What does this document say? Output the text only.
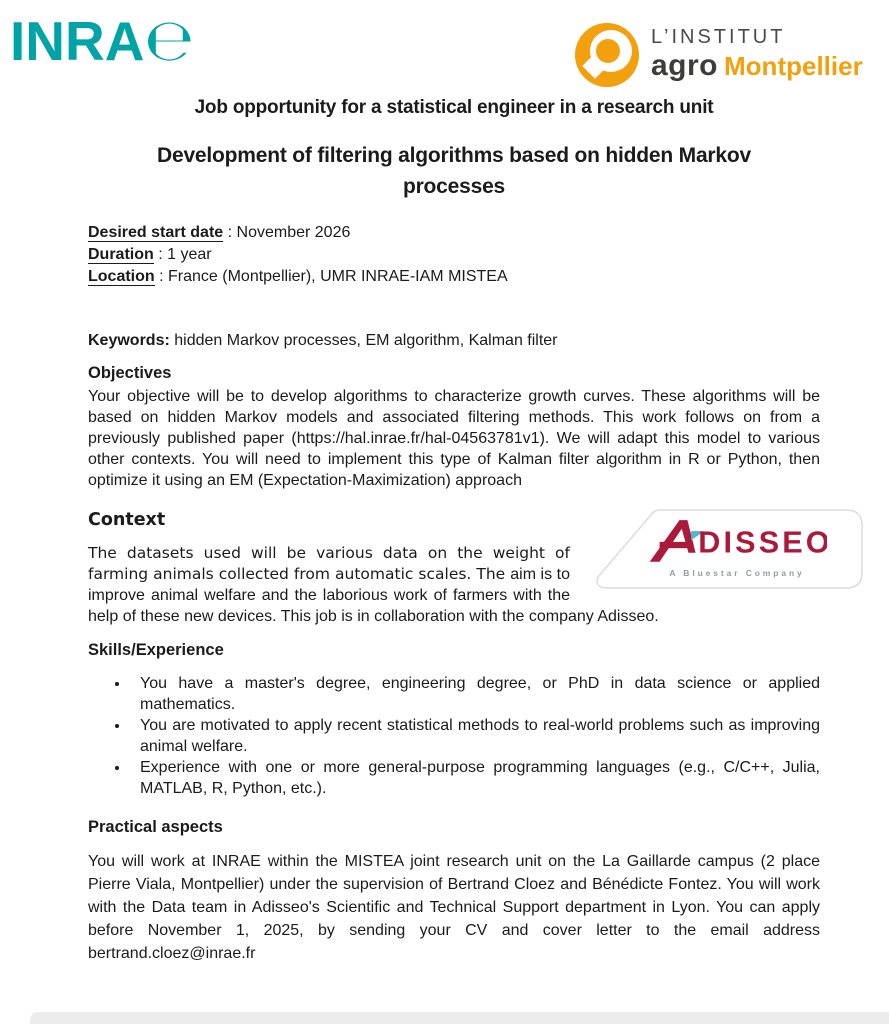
INRA℮	L’INSTITUT
agro Montpellier
Job opportunity for a statistical engineer in a research unit
Development of filtering algorithms based on hidden Markov processes
Desired start date : November 2026
Duration : 1 year
Location : France (Montpellier), UMR INRAE-IAM MISTEA
Keywords: hidden Markov processes, EM algorithm, Kalman filter
Objectives

Your objective will be to develop algorithms to characterize growth curves. These algorithms will be based on hidden Markov models and associated filtering methods. This work follows on from a previously published paper (https://hal.inrae.fr/hal-04563781v1). We will adapt this model to various other contexts. You will need to implement this type of Kalman filter algorithm in R or Python, then optimize it using an EM (Expectation-Maximization) approach

DISSEO
A Bluestar Company
Context

The datasets used will be various data on the weight of farming animals collected from automatic scales. The aim is to improve animal welfare and the laborious work of farmers with the help of these new devices. This job is in collaboration with the company Adisseo.

Skills/Experience
• You have a master's degree, engineering degree, or PhD in data science or applied mathematics.
• You are motivated to apply recent statistical methods to real-world problems such as improving animal welfare.
• Experience with one or more general-purpose programming languages (e.g., C/C++, Julia, MATLAB, R, Python, etc.).
Practical aspects

You will work at INRAE within the MISTEA joint research unit on the La Gaillarde campus (2 place Pierre Viala, Montpellier) under the supervision of Bertrand Cloez and Bénédicte Fontez. You will work with the Data team in Adisseo's Scientific and Technical Support department in Lyon. You can apply before November 1, 2025, by sending your CV and cover letter to the email address bertrand.cloez@inrae.fr
